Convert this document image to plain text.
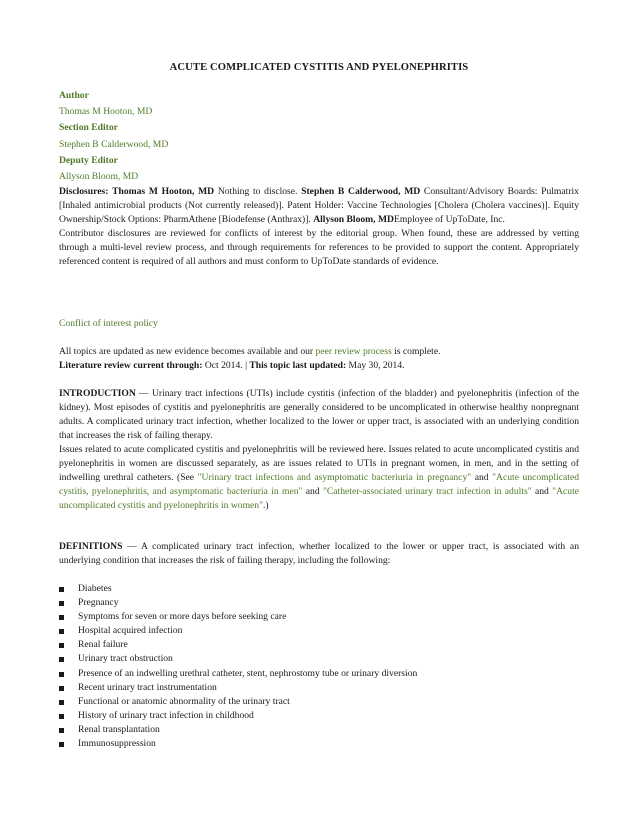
ACUTE COMPLICATED CYSTITIS AND PYELONEPHRITIS
Author
Thomas M Hooton, MD
Section Editor
Stephen B Calderwood, MD
Deputy Editor
Allyson Bloom, MD

Disclosures: Thomas M Hooton, MD Nothing to disclose. Stephen B Calderwood, MD Consultant/Advisory Boards: Pulmatrix [Inhaled antimicrobial products (Not currently released)]. Patent Holder: Vaccine Technologies [Cholera (Cholera vaccines)]. Equity Ownership/Stock Options: PharmAthene [Biodefense (Anthrax)]. Allyson Bloom, MDEmployee of UpToDate, Inc.

Contributor disclosures are reviewed for conflicts of interest by the editorial group. When found, these are addressed by vetting through a multi-level review process, and through requirements for references to be provided to support the content. Appropriately referenced content is required of all authors and must conform to UpToDate standards of evidence.

Conflict of interest policy

All topics are updated as new evidence becomes available and our peer review process is complete.

Literature review current through: Oct 2014. | This topic last updated: May 30, 2014.

INTRODUCTION — Urinary tract infections (UTIs) include cystitis (infection of the bladder) and pyelonephritis (infection of the kidney). Most episodes of cystitis and pyelonephritis are generally considered to be uncomplicated in otherwise healthy nonpregnant adults. A complicated urinary tract infection, whether localized to the lower or upper tract, is associated with an underlying condition that increases the risk of failing therapy.

Issues related to acute complicated cystitis and pyelonephritis will be reviewed here. Issues related to acute uncomplicated cystitis and pyelonephritis in women are discussed separately, as are issues related to UTIs in pregnant women, in men, and in the setting of indwelling urethral catheters. (See "Urinary tract infections and asymptomatic bacteriuria in pregnancy" and "Acute uncomplicated cystitis, pyelonephritis, and asymptomatic bacteriuria in men" and "Catheter-associated urinary tract infection in adults" and "Acute uncomplicated cystitis and pyelonephritis in women".)

DEFINITIONS — A complicated urinary tract infection, whether localized to the lower or upper tract, is associated with an underlying condition that increases the risk of failing therapy, including the following:

Diabetes
Pregnancy
Symptoms for seven or more days before seeking care
Hospital acquired infection
Renal failure
Urinary tract obstruction
Presence of an indwelling urethral catheter, stent, nephrostomy tube or urinary diversion
Recent urinary tract instrumentation
Functional or anatomic abnormality of the urinary tract
History of urinary tract infection in childhood
Renal transplantation
Immunosuppression
